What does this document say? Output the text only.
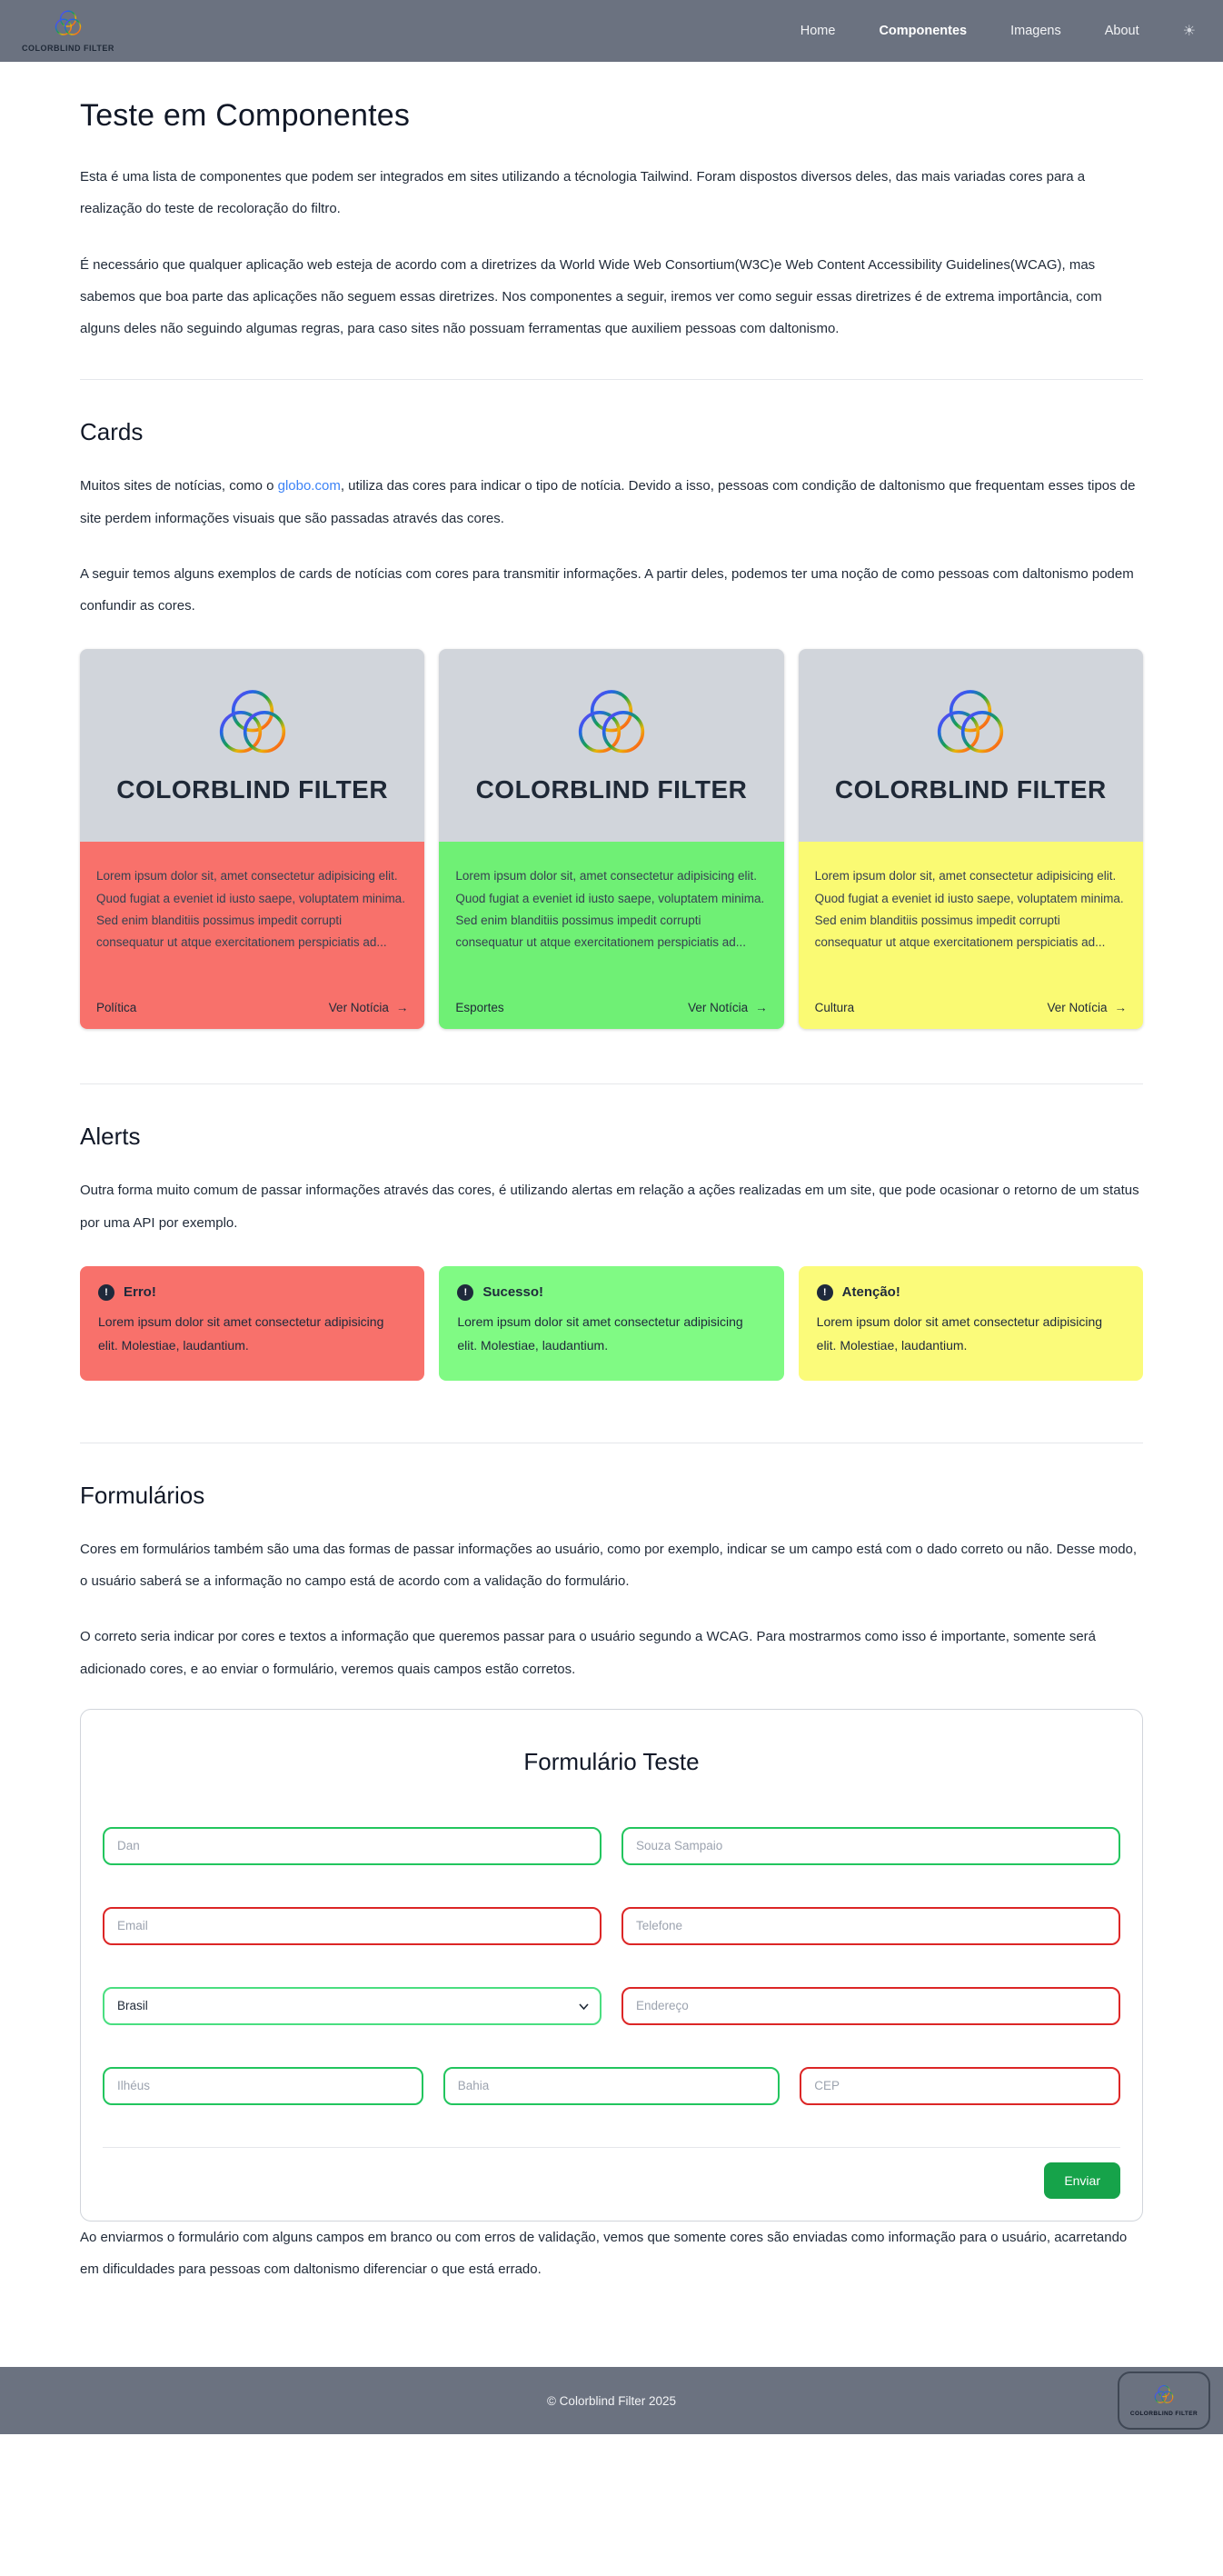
COLORBLIND FILTER
Home	Componentes	Imagens	About	☀
Teste em Componentes

Esta é uma lista de componentes que podem ser integrados em sites utilizando a técnologia Tailwind. Foram dispostos diversos deles, das mais variadas cores para a realização do teste de recoloração do filtro.

É necessário que qualquer aplicação web esteja de acordo com a diretrizes da World Wide Web Consortium(W3C)e Web Content Accessibility Guidelines(WCAG), mas sabemos que boa parte das aplicações não seguem essas diretrizes. Nos componentes a seguir, iremos ver como seguir essas diretrizes é de extrema importância, com alguns deles não seguindo algumas regras, para caso sites não possuam ferramentas que auxiliem pessoas com daltonismo.

Cards

Muitos sites de notícias, como o globo.com, utiliza das cores para indicar o tipo de notícia. Devido a isso, pessoas com condição de daltonismo que frequentam esses tipos de site perdem informações visuais que são passadas através das cores.

A seguir temos alguns exemplos de cards de notícias com cores para transmitir informações. A partir deles, podemos ter uma noção de como pessoas com daltonismo podem confundir as cores.

COLORBLIND FILTER

Lorem ipsum dolor sit, amet consectetur adipisicing elit. Quod fugiat a eveniet id iusto saepe, voluptatem minima. Sed enim blanditiis possimus impedit corrupti consequatur ut atque exercitationem perspiciatis ad...

Política	Ver Notícia →
COLORBLIND FILTER

Lorem ipsum dolor sit, amet consectetur adipisicing elit. Quod fugiat a eveniet id iusto saepe, voluptatem minima. Sed enim blanditiis possimus impedit corrupti consequatur ut atque exercitationem perspiciatis ad...

Esportes	Ver Notícia →
COLORBLIND FILTER

Lorem ipsum dolor sit, amet consectetur adipisicing elit. Quod fugiat a eveniet id iusto saepe, voluptatem minima. Sed enim blanditiis possimus impedit corrupti consequatur ut atque exercitationem perspiciatis ad...

Cultura	Ver Notícia →
Alerts

Outra forma muito comum de passar informações através das cores, é utilizando alertas em relação a ações realizadas em um site, que pode ocasionar o retorno de um status por uma API por exemplo.

!	Erro!

Lorem ipsum dolor sit amet consectetur adipisicing elit. Molestiae, laudantium.

!	Sucesso!

Lorem ipsum dolor sit amet consectetur adipisicing elit. Molestiae, laudantium.

!	Atenção!

Lorem ipsum dolor sit amet consectetur adipisicing elit. Molestiae, laudantium.

Formulários

Cores em formulários também são uma das formas de passar informações ao usuário, como por exemplo, indicar se um campo está com o dado correto ou não. Desse modo, o usuário saberá se a informação no campo está de acordo com a validação do formulário.

O correto seria indicar por cores e textos a informação que queremos passar para o usuário segundo a WCAG. Para mostrarmos como isso é importante, somente será adicionado cores, e ao enviar o formulário, veremos quais campos estão corretos.

Formulário Teste
Dan
Souza Sampaio
Email
Telefone
Brasil
Endereço
Ilhéus
Bahia
CEP
Enviar

Ao enviarmos o formulário com alguns campos em branco ou com erros de validação, vemos que somente cores são enviadas como informação para o usuário, acarretando em dificuldades para pessoas com daltonismo diferenciar o que está errado.

© Colorblind Filter 2025
COLORBLIND FILTER
